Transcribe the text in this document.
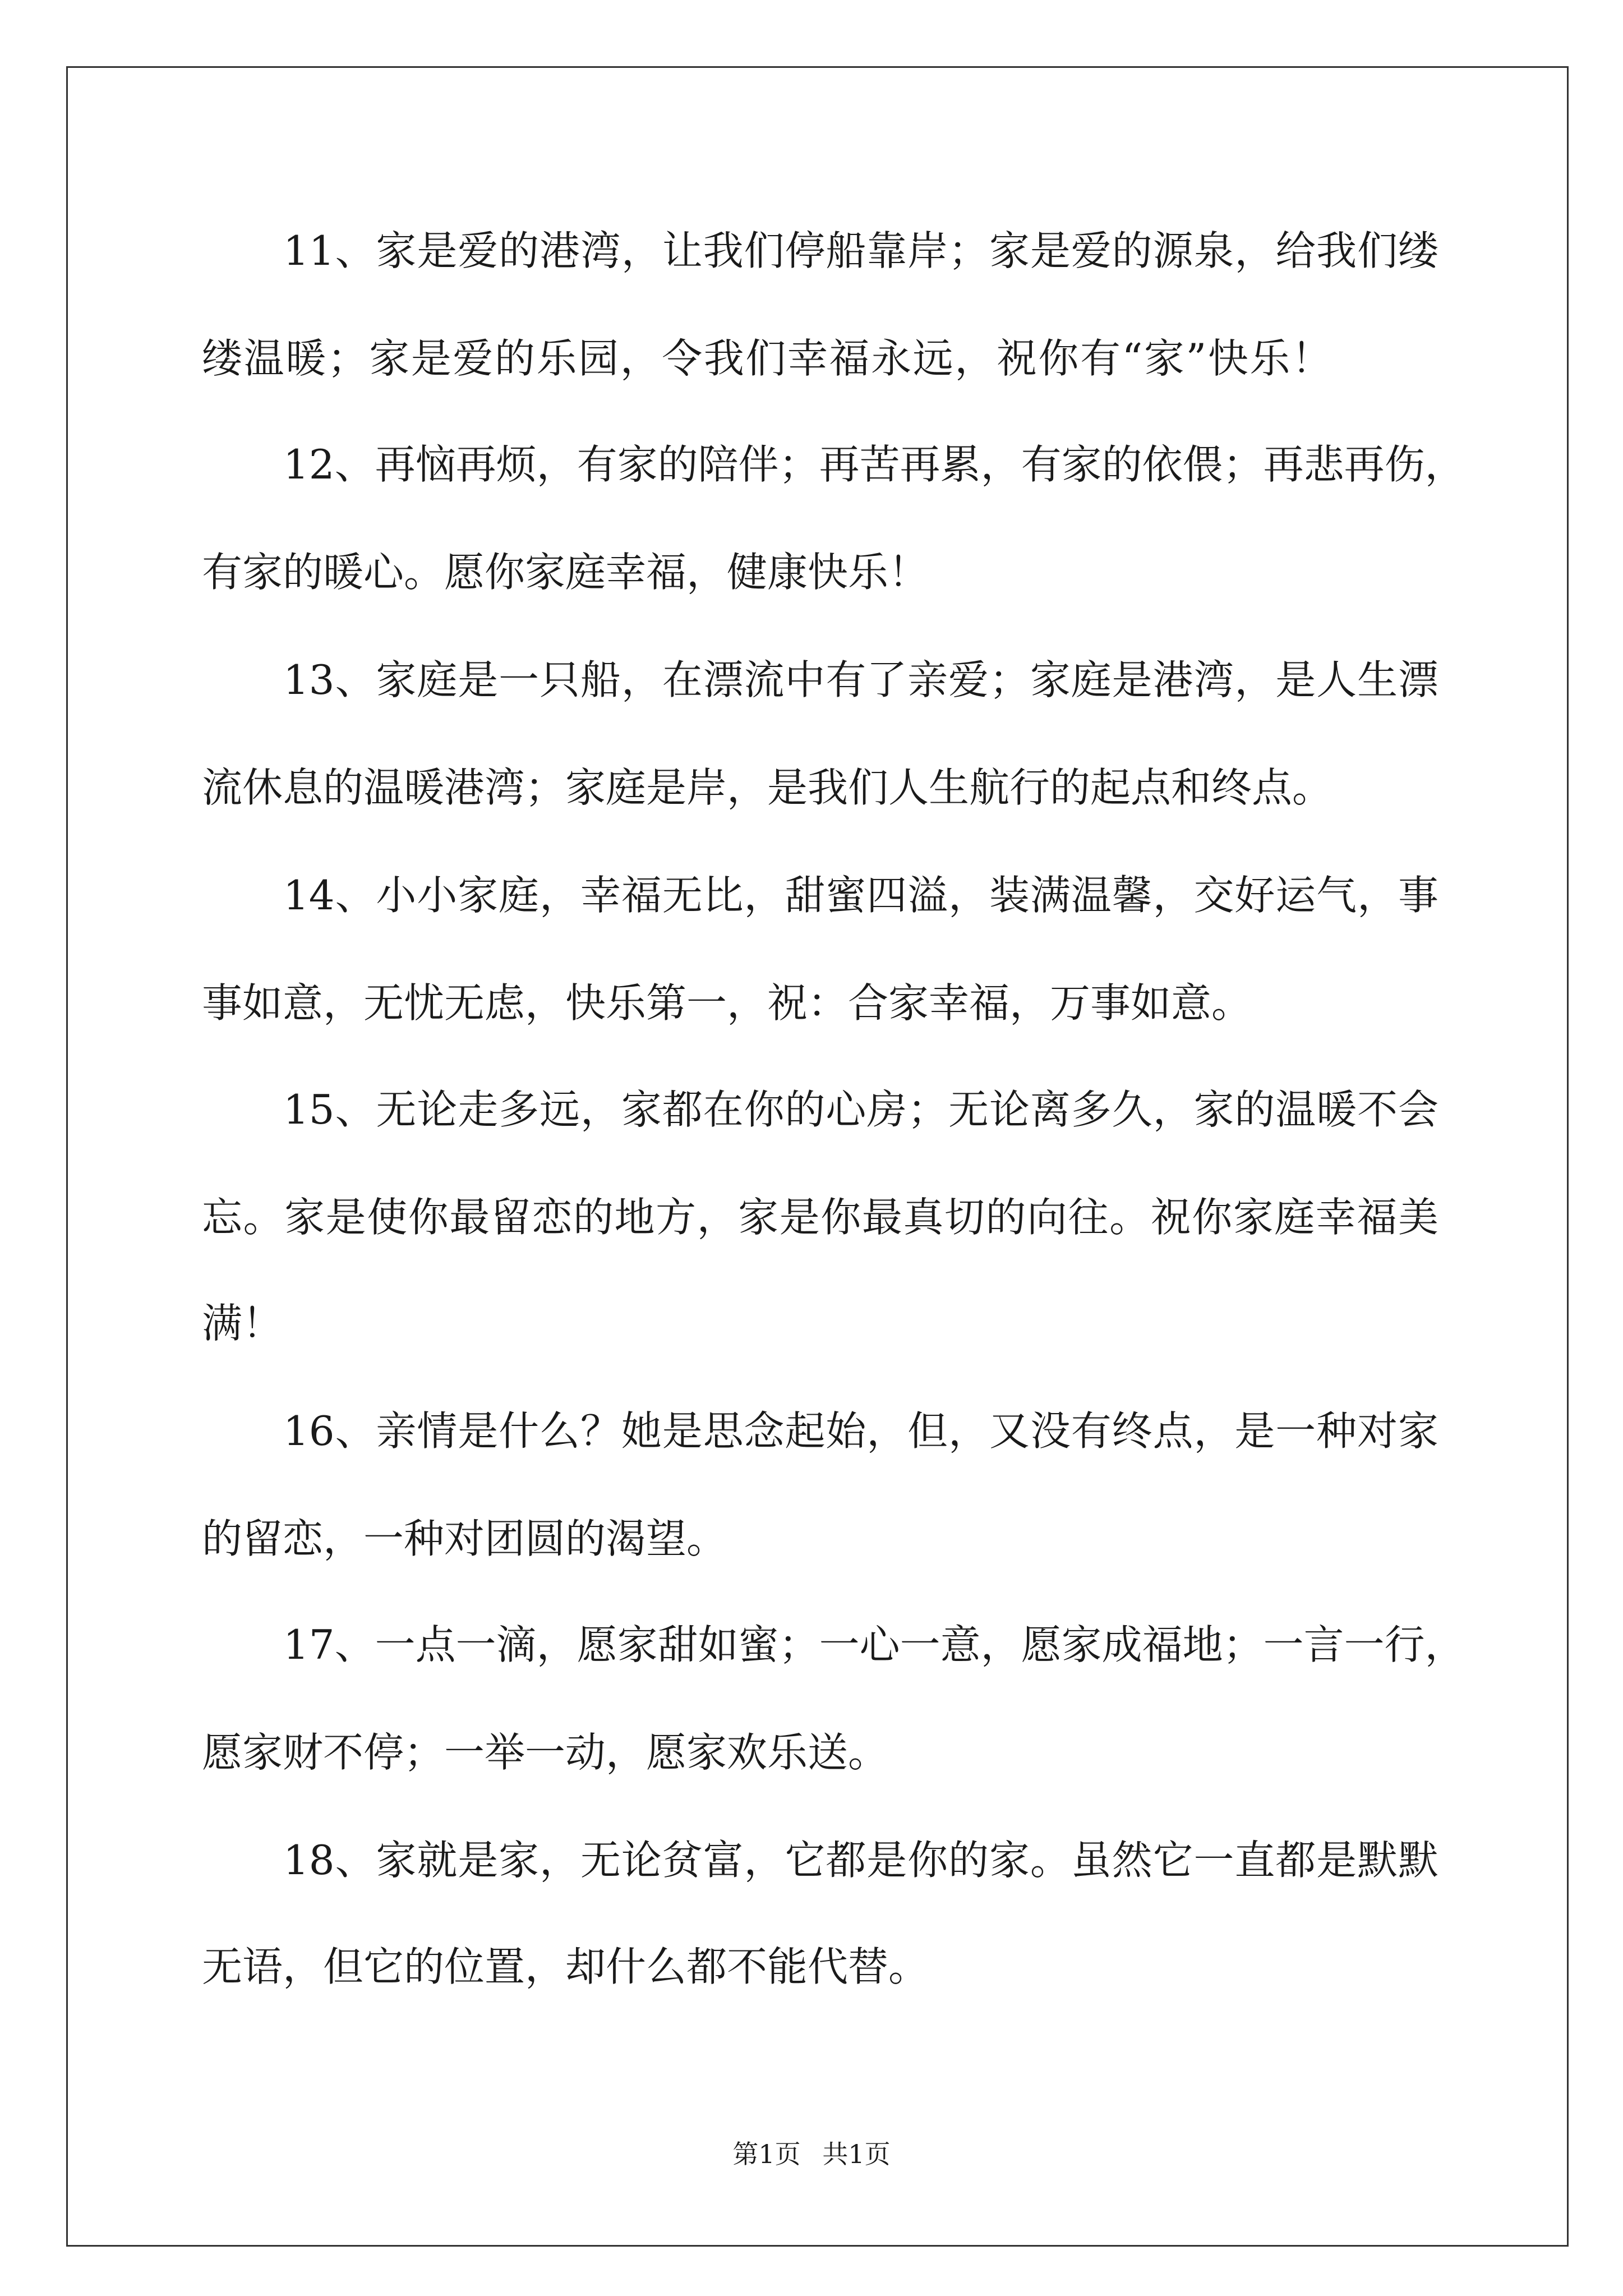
11、家是爱的港湾，让我们停船靠岸；家是爱的源泉，给我们缕
缕温暖；家是爱的乐园，令我们幸福永远，祝你有“家”快乐！
12、再恼再烦，有家的陪伴；再苦再累，有家的依偎；再悲再伤，
有家的暖心。愿你家庭幸福，健康快乐！
13、家庭是一只船，在漂流中有了亲爱；家庭是港湾，是人生漂
流休息的温暖港湾；家庭是岸，是我们人生航行的起点和终点。
14、小小家庭，幸福无比，甜蜜四溢，装满温馨，交好运气，事
事如意，无忧无虑，快乐第一，祝：合家幸福，万事如意。
15、无论走多远，家都在你的心房；无论离多久，家的温暖不会
忘。家是使你最留恋的地方，家是你最真切的向往。祝你家庭幸福美
满！
16、亲情是什么？她是思念起始，但，又没有终点，是一种对家
的留恋，一种对团圆的渴望。
17、一点一滴，愿家甜如蜜；一心一意，愿家成福地；一言一行，
愿家财不停；一举一动，愿家欢乐送。
18、家就是家，无论贫富，它都是你的家。虽然它一直都是默默
无语，但它的位置，却什么都不能代替。
第1页 共1页
